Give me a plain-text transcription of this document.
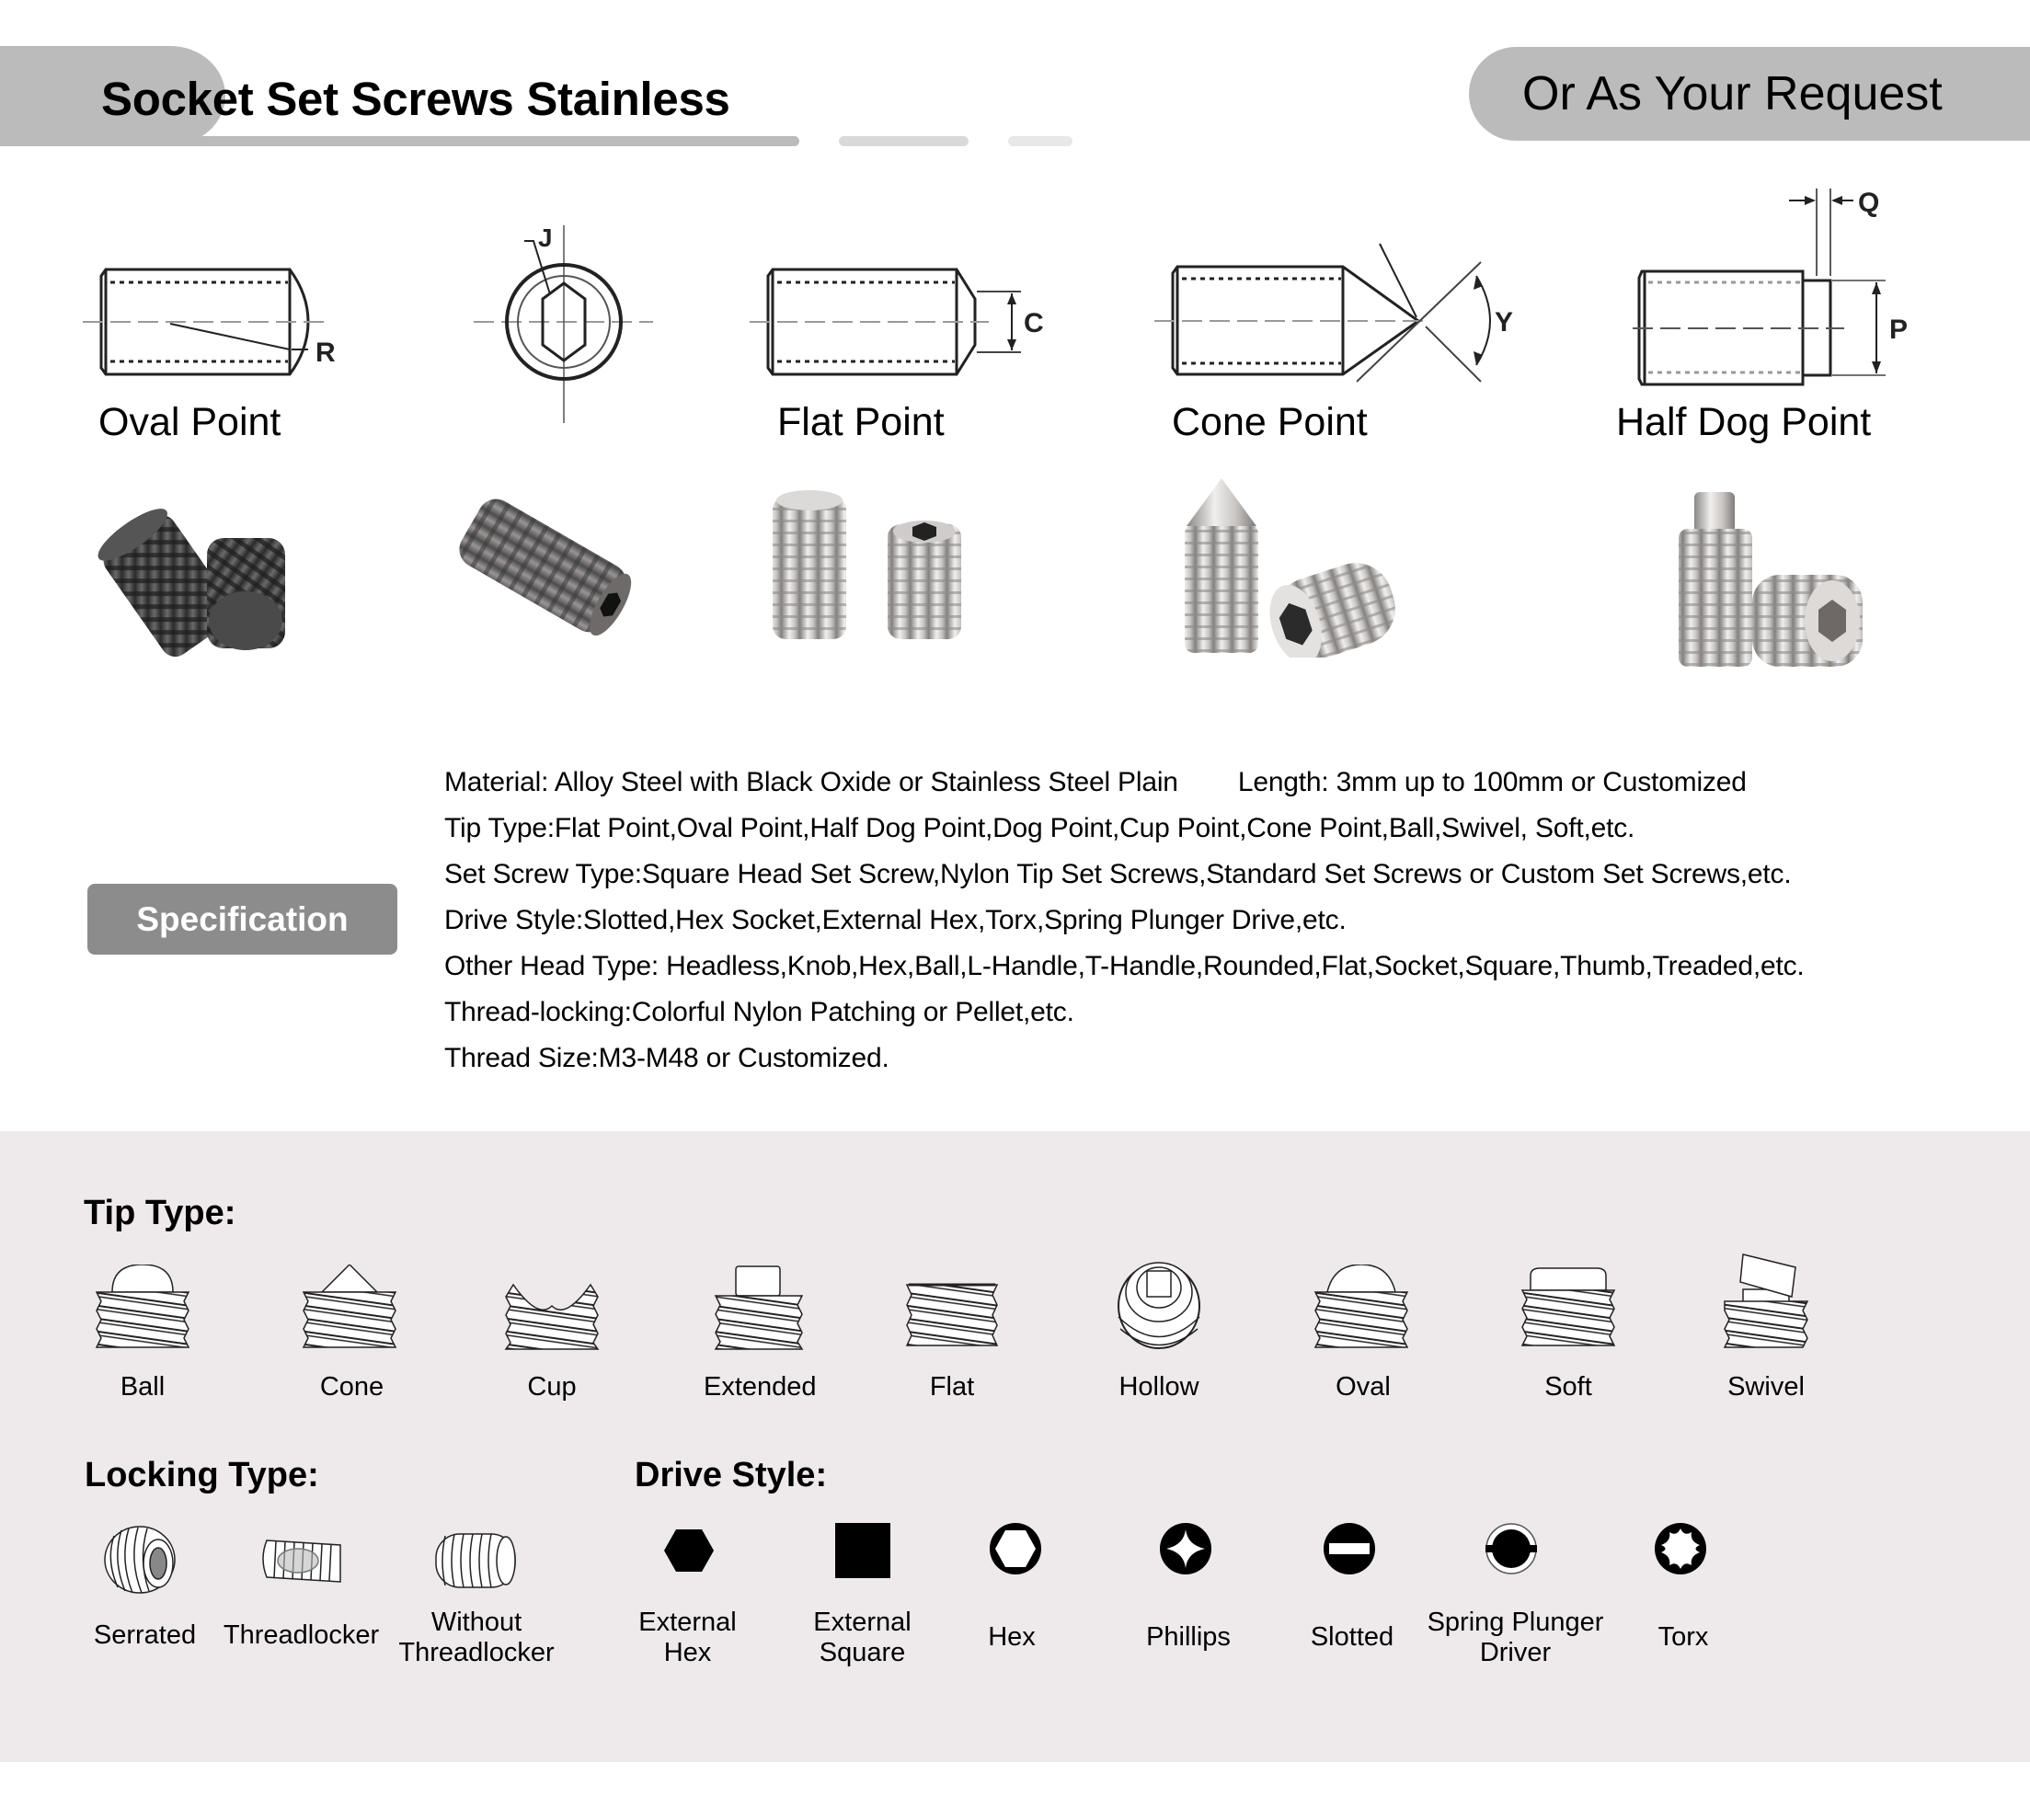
Socket Set Screws Stainless	Or As Your Request
R
J
C	Y
Q
P
Oval Point	Flat Point	Cone Point	Half Dog Point
Specification
Material: Alloy Steel with Black Oxide or Stainless Steel Plain        Length: 3mm up to 100mm or Customized
Tip Type:Flat Point,Oval Point,Half Dog Point,Dog Point,Cup Point,Cone Point,Ball,Swivel, Soft,etc.
Set Screw Type:Square Head Set Screw,Nylon Tip Set Screws,Standard Set Screws or Custom Set Screws,etc.
Drive Style:Slotted,Hex Socket,External Hex,Torx,Spring Plunger Drive,etc.
Other Head Type: Headless,Knob,Hex,Ball,L-Handle,T-Handle,Rounded,Flat,Socket,Square,Thumb,Treaded,etc.
Thread-locking:Colorful Nylon Patching or Pellet,etc.
Thread Size:M3-M48 or Customized.
Tip Type:
Ball	Cone	Cup	Extended	Flat	Hollow	Oval	Soft	Swivel
Locking Type:
Serrated	Threadlocker	Without
Threadlocker
Drive Style:
External
Hex
External
Square
Hex	Phillips	Slotted	Spring Plunger
Driver
Torx
